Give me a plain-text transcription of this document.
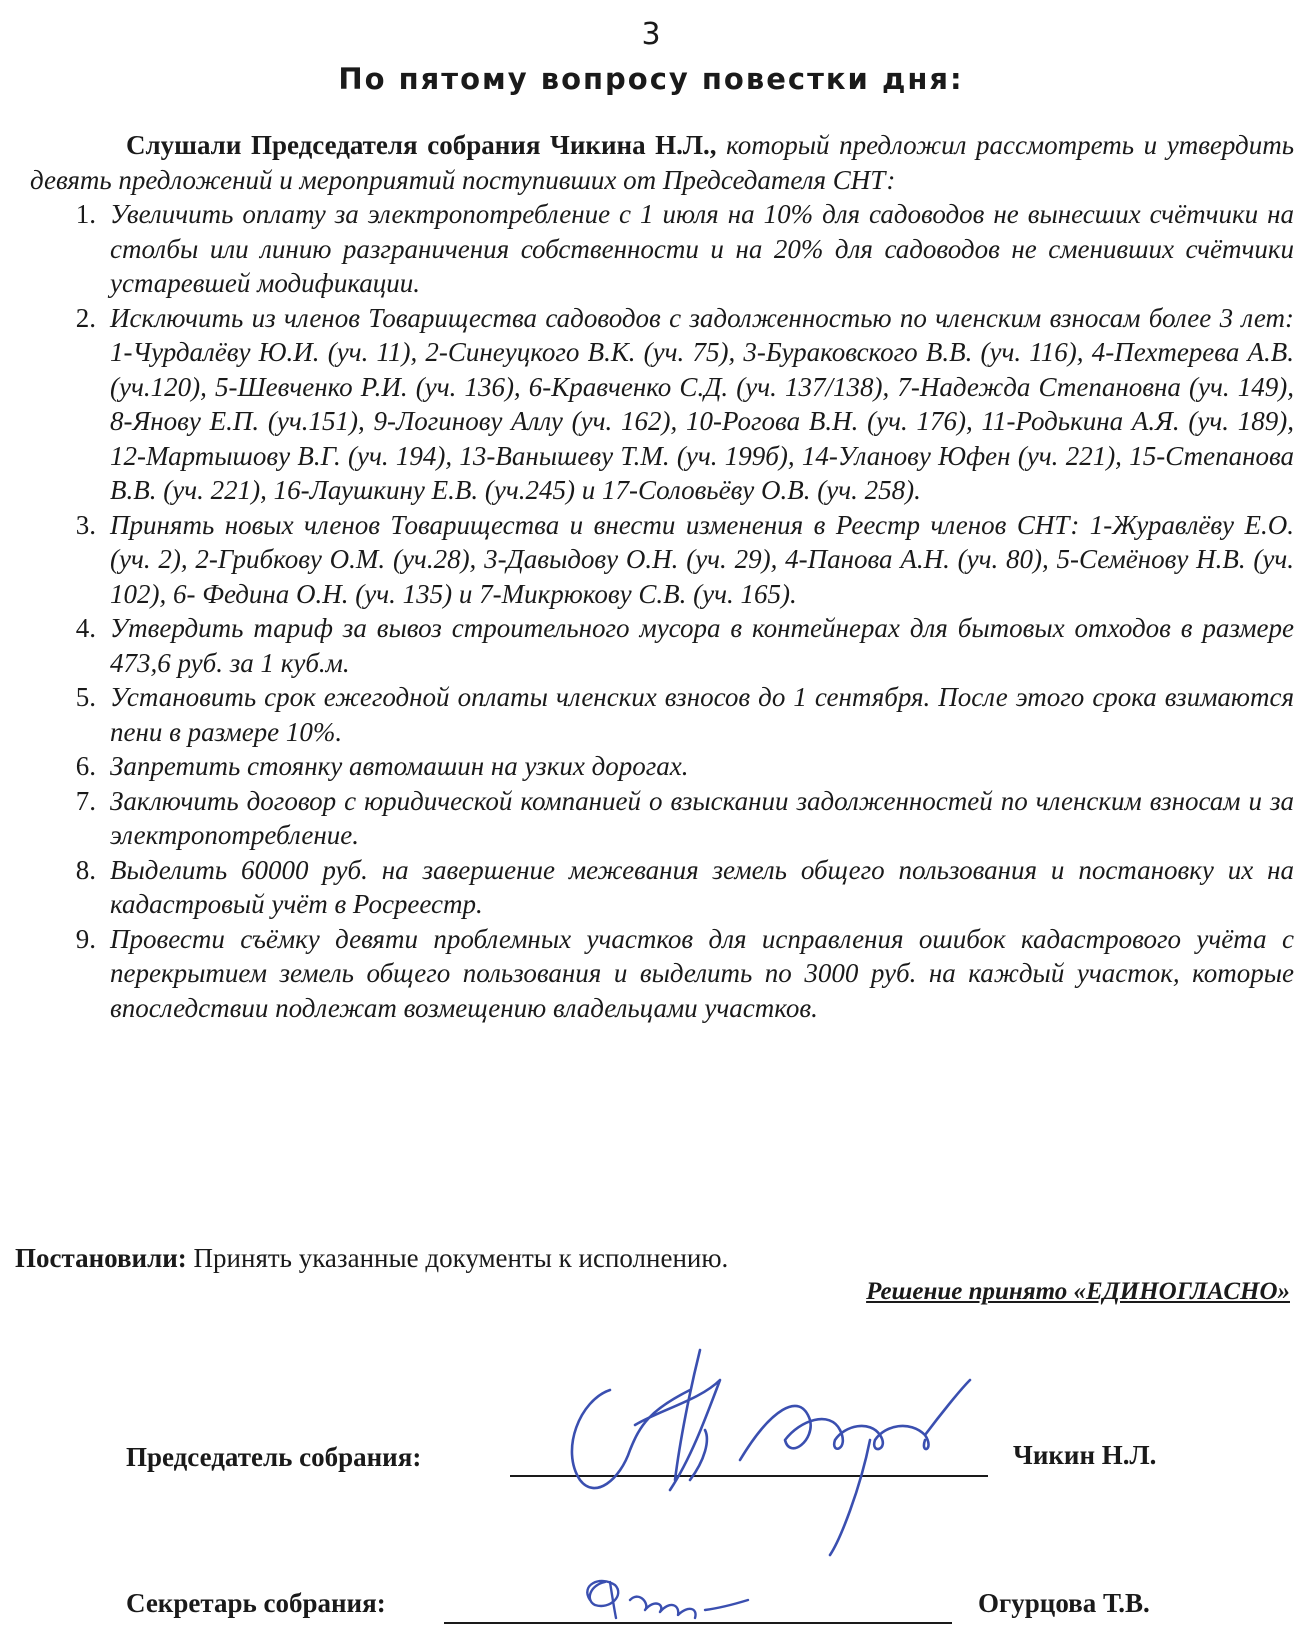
3
По пятому вопросу повестки дня:

Слушали Председателя собрания Чикина Н.Л., который предложил рассмотреть и утвердить девять предложений и мероприятий поступивших от Председателя СНТ:

1. Увеличить оплату за электропотребление с 1 июля на 10% для садоводов не вынесших счётчики на столбы или линию разграничения собственности и на 20% для садоводов не сменивших счётчики устаревшей модификации.
2. Исключить из членов Товарищества садоводов с задолженностью по членским взносам более 3 лет: 1-Чурдалёву Ю.И. (уч. 11), 2-Синеуцкого В.К. (уч. 75), 3-Бураковского В.В. (уч. 116), 4-Пехтерева А.В. (уч.120), 5-Шевченко Р.И. (уч. 136), 6-Кравченко С.Д. (уч. 137/138), 7-Надежда Степановна (уч. 149), 8-Янову Е.П. (уч.151), 9-Логинову Аллу (уч. 162), 10-Рогова В.Н. (уч. 176), 11-Родькина А.Я. (уч. 189), 12-Мартышову В.Г. (уч. 194), 13-Ванышеву Т.М. (уч. 199б), 14-Уланову Юфен (уч. 221), 15-Степанова В.В. (уч. 221), 16-Лаушкину Е.В. (уч.245) и 17-Соловьёву О.В. (уч. 258).
3. Принять новых членов Товарищества и внести изменения в Реестр членов СНТ: 1-Журавлёву Е.О. (уч. 2), 2-Грибкову О.М. (уч.28), 3-Давыдову О.Н. (уч. 29), 4-Панова А.Н. (уч. 80), 5-Семёнову Н.В. (уч. 102), 6- Федина О.Н. (уч. 135) и 7-Микрюкову С.В. (уч. 165).
4. Утвердить тариф за вывоз строительного мусора в контейнерах для бытовых отходов в размере 473,6 руб. за 1 куб.м.
5. Установить срок ежегодной оплаты членских взносов до 1 сентября. После этого срока взимаются пени в размере 10%.
6. Запретить стоянку автомашин на узких дорогах.
7. Заключить договор с юридической компанией о взыскании задолженностей по членским взносам и за электропотребление.
8. Выделить 60000 руб. на завершение межевания земель общего пользования и постановку их на кадастровый учёт в Росреестр.
9. Провести съёмку девяти проблемных участков для исправления ошибок кадастрового учёта с перекрытием земель общего пользования и выделить по 3000 руб. на каждый участок, которые впоследствии подлежат возмещению владельцами участков.
Постановили: Принять указанные документы к исполнению.
Решение принято «ЕДИНОГЛАСНО»
Председатель собрания:	Чикин Н.Л.
Секретарь собрания:	Огурцова Т.В.
